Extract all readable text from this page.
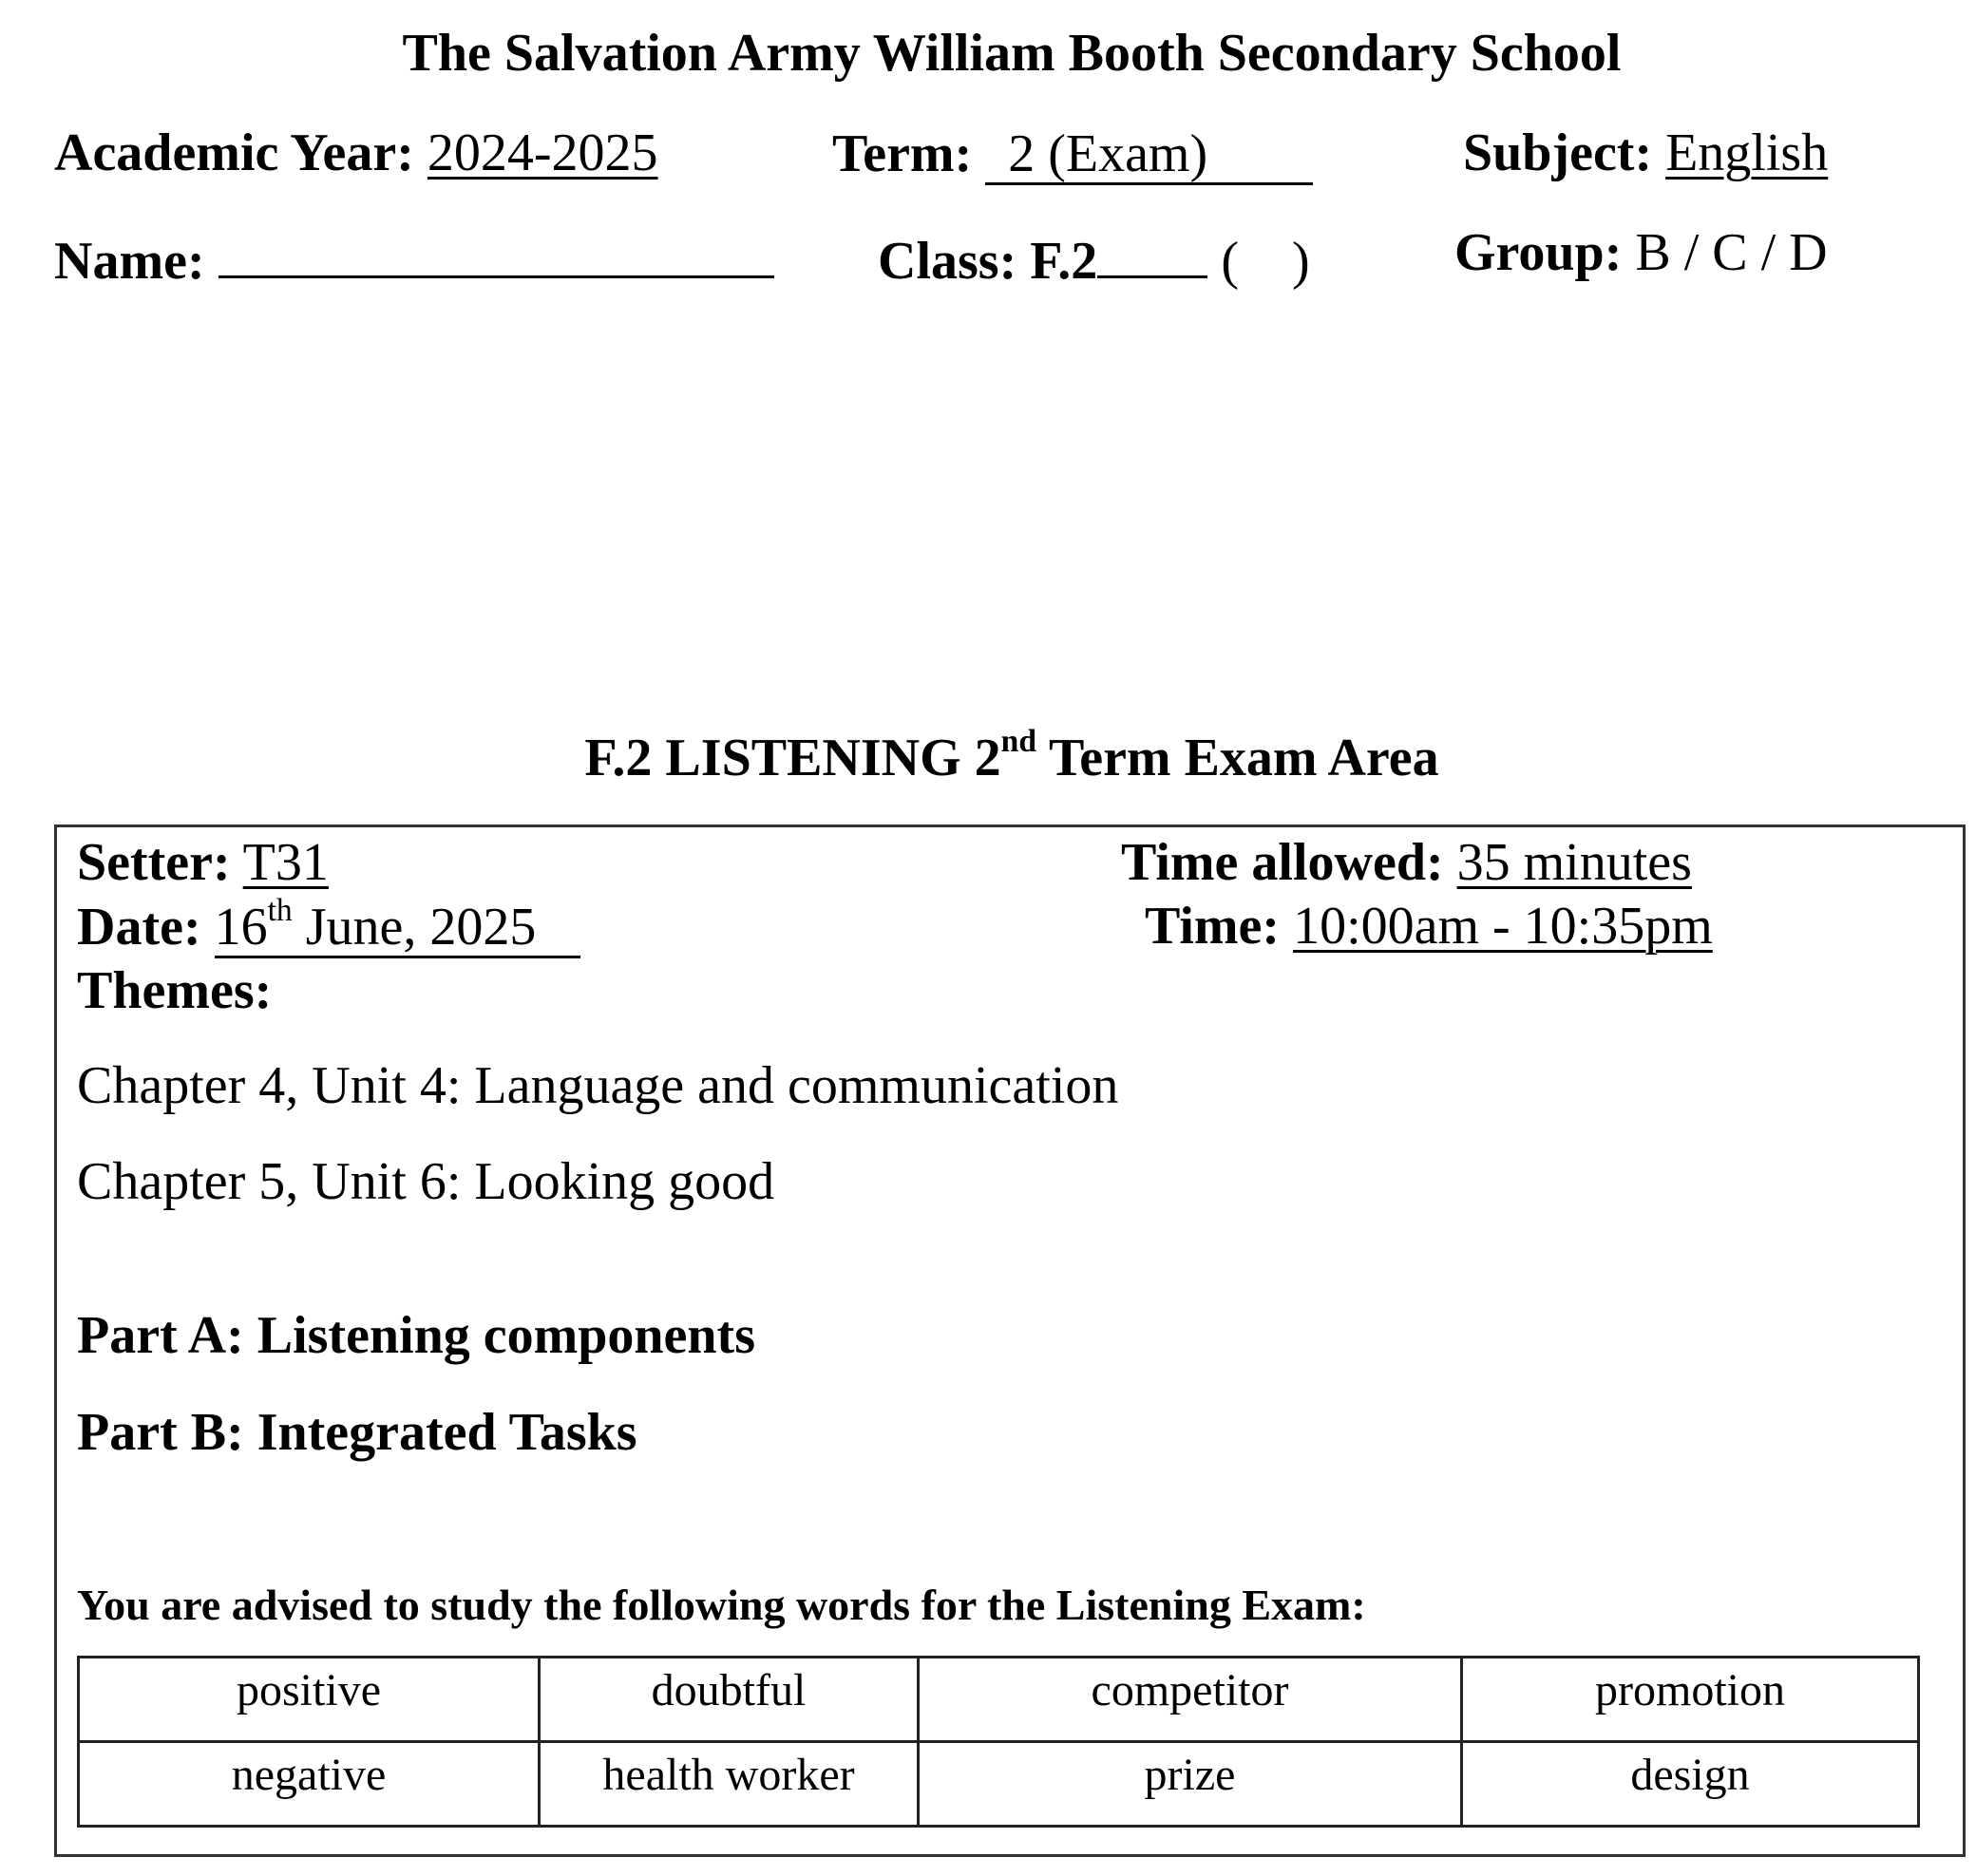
The Salvation Army William Booth Secondary School
Academic Year: 2024-2025	Term: 2 (Exam)	Subject: English
Name:	Class: F.2 (    )	Group: B / C / D
F.2 LISTENING 2nd Term Exam Area
Setter: T31	Time allowed: 35 minutes
Date: 16th June, 2025	Time: 10:00am - 10:35pm
Themes:
Chapter 4, Unit 4: Language and communication
Chapter 5, Unit 6: Looking good
Part A: Listening components
Part B: Integrated Tasks
You are advised to study the following words for the Listening Exam:
positive	doubtful	competitor	promotion
negative	health worker	prize	design
